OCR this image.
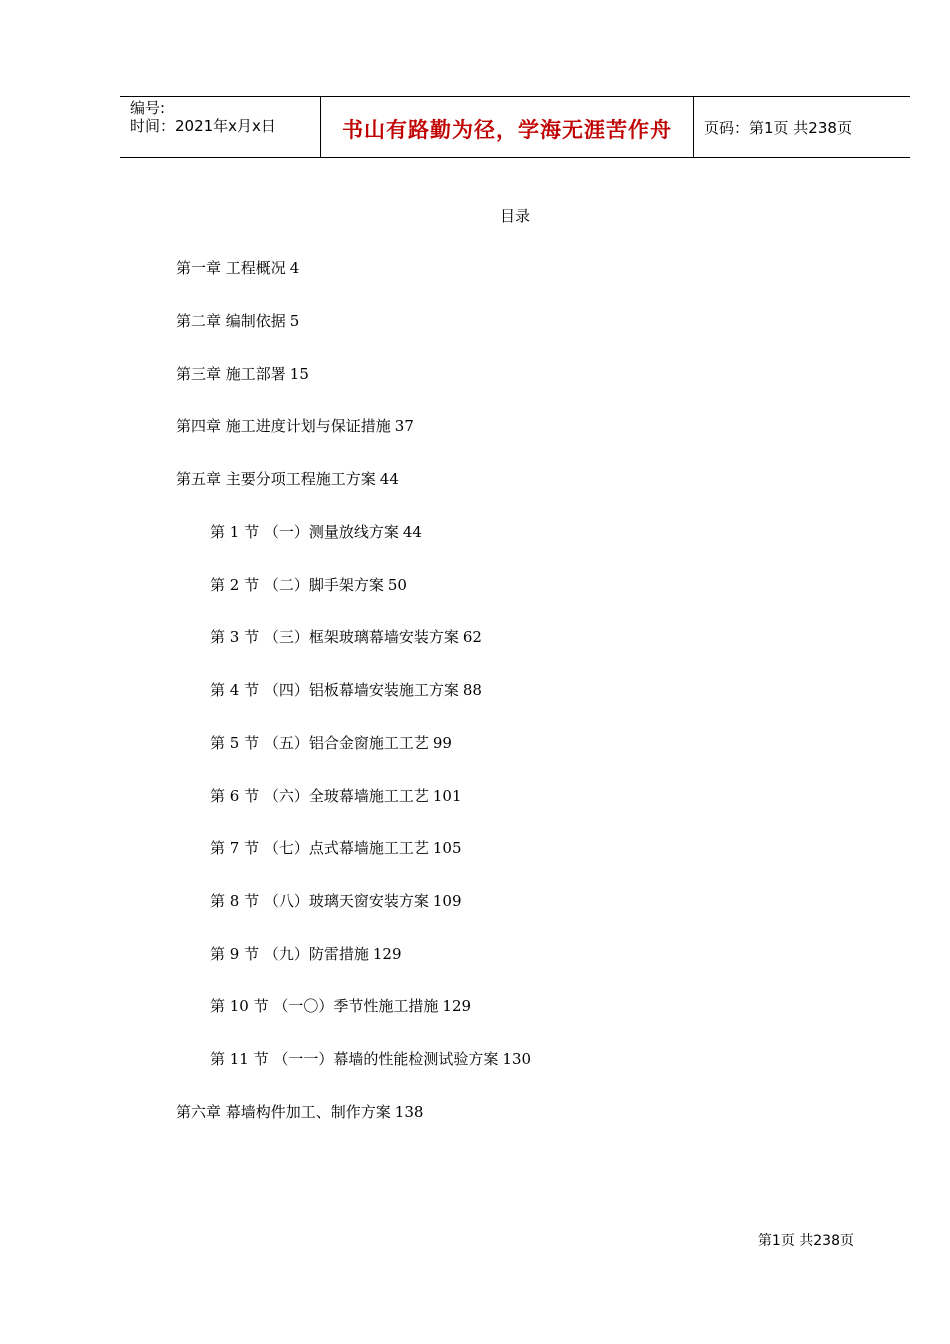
编号:
时间：2021年x月x日	书山有路勤为径，学海无涯苦作舟	页码：第1页 共238页
目录
第一章 工程概况 4
第二章 编制依据 5
第三章 施工部署 15
第四章 施工进度计划与保证措施 37
第五章 主要分项工程施工方案 44
第 1 节 （一）测量放线方案 44
第 2 节 （二）脚手架方案 50
第 3 节 （三）框架玻璃幕墙安装方案 62
第 4 节 （四）铝板幕墙安装施工方案 88
第 5 节 （五）铝合金窗施工工艺 99
第 6 节 （六）全玻幕墙施工工艺 101
第 7 节 （七）点式幕墙施工工艺 105
第 8 节 （八）玻璃天窗安装方案 109
第 9 节 （九）防雷措施 129
第 10 节 （一〇）季节性施工措施 129
第 11 节 （一一）幕墙的性能检测试验方案 130
第六章 幕墙构件加工、制作方案 138
第1页 共238页
